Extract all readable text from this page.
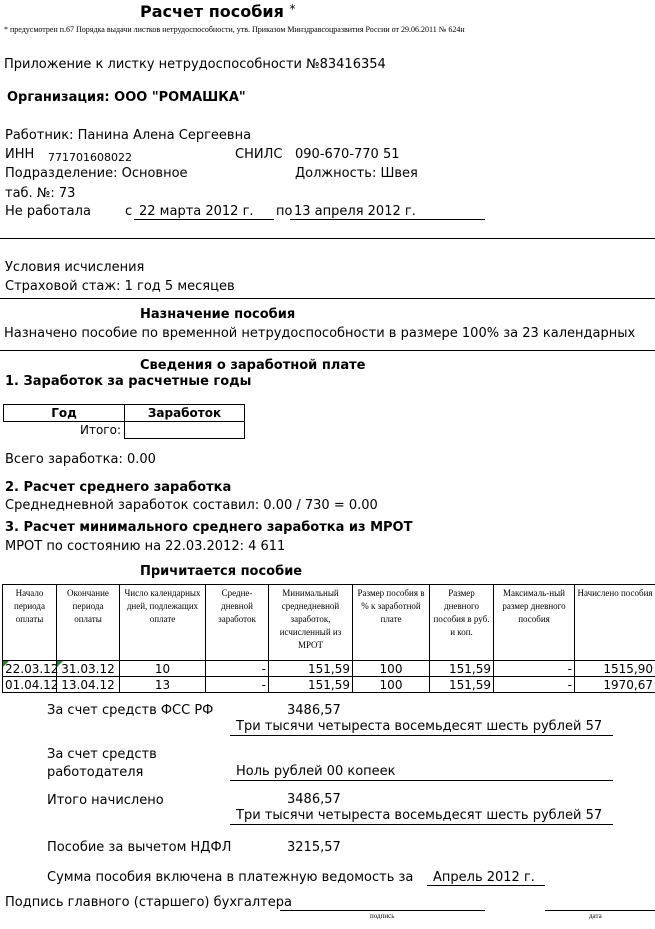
Расчет пособия *
* предусмотрен п.67 Порядка выдачи листков нетрудоспособности, утв. Приказом Минздравсоцразвития России от 29.06.2011 № 624н
Приложение к листку нетрудоспособности №83416354
Организация: ООО "РОМАШКА"
Работник: Панина Алена Сергеевна
ИНН 771701608022	СНИЛС 090-670-770 51
Подразделение: Основное	Должность: Швея
таб. №: 73
Не работала	с 22 марта 2012 г. по 13 апреля 2012 г.
Условия исчисления
Страховой стаж: 1 год 5 месяцев
Назначение пособия
Назначено пособие по временной нетрудоспособности в размере 100% за 23 календарных
Сведения о заработной плате
1. Заработок за расчетные годы
Год	Заработок
Итого:	
Всего заработка: 0.00
2. Расчет среднего заработка
Среднедневной заработок составил: 0.00 / 730 = 0.00
3. Расчет минимального среднего заработка из МРОТ
МРОТ по состоянию на 22.03.2012: 4 611
Причитается пособие
Начало периода оплаты	Окончание периода оплаты	Число календарных дней, подлежащих оплате	Средне-дневной заработок	Минимальный среднедневной заработок, исчисленный из МРОТ	Размер пособия в % к заработной плате	Размер дневного пособия в руб. и коп.	Максималь-ный размер дневного пособия	Начислено пособия
22.03.12	31.03.12	10	-	151,59	100	151,59	-	1515,90
01.04.12	13.04.12	13	-	151,59	100	151,59	-	1970,67
За счет средств ФСС РФ	3486,57
Три тысячи четыреста восемьдесят шесть рублей 57
За счет средств
работодателя	Ноль рублей 00 копеек
Итого начислено	3486,57
Три тысячи четыреста восемьдесят шесть рублей 57
Пособие за вычетом НДФЛ	3215,57
Сумма пособия включена в платежную ведомость за Апрель 2012 г.
Подпись главного (старшего) бухгалтера
подпись	дата
